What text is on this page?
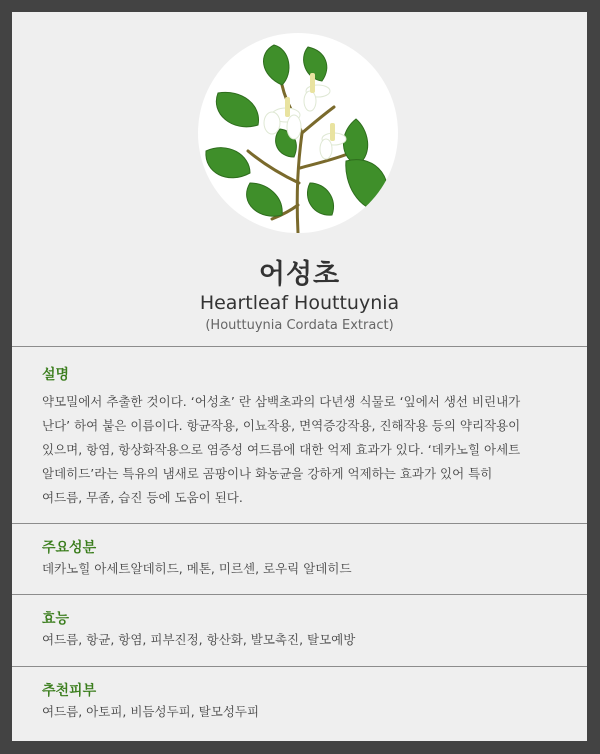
어성초
Heartleaf Houttuynia
(Houttuynia Cordata Extract)
설명

약모밀에서 추출한 것이다. ‘어성초’ 란 삼백초과의 다년생 식물로 ‘잎에서 생선 비린내가
난다’ 하여 붙은 이름이다. 항균작용, 이뇨작용, 면역증강작용, 진해작용 등의 약리작용이
있으며, 항염, 항상화작용으로 염증성 여드름에 대한 억제 효과가 있다. ‘데카노힐 아세트
알데히드’라는 특유의 냄새로 곰팡이나 화농균을 강하게 억제하는 효과가 있어 특히
여드름, 무좀, 습진 등에 도움이 된다.

주요성분

데카노힐 아세트알데히드, 메톤, 미르센, 로우릭 알데히드

효능

여드름, 항균, 항염, 피부진정, 항산화, 발모촉진, 탈모예방

추천피부

여드름, 아토피, 비듬성두피, 탈모성두피
